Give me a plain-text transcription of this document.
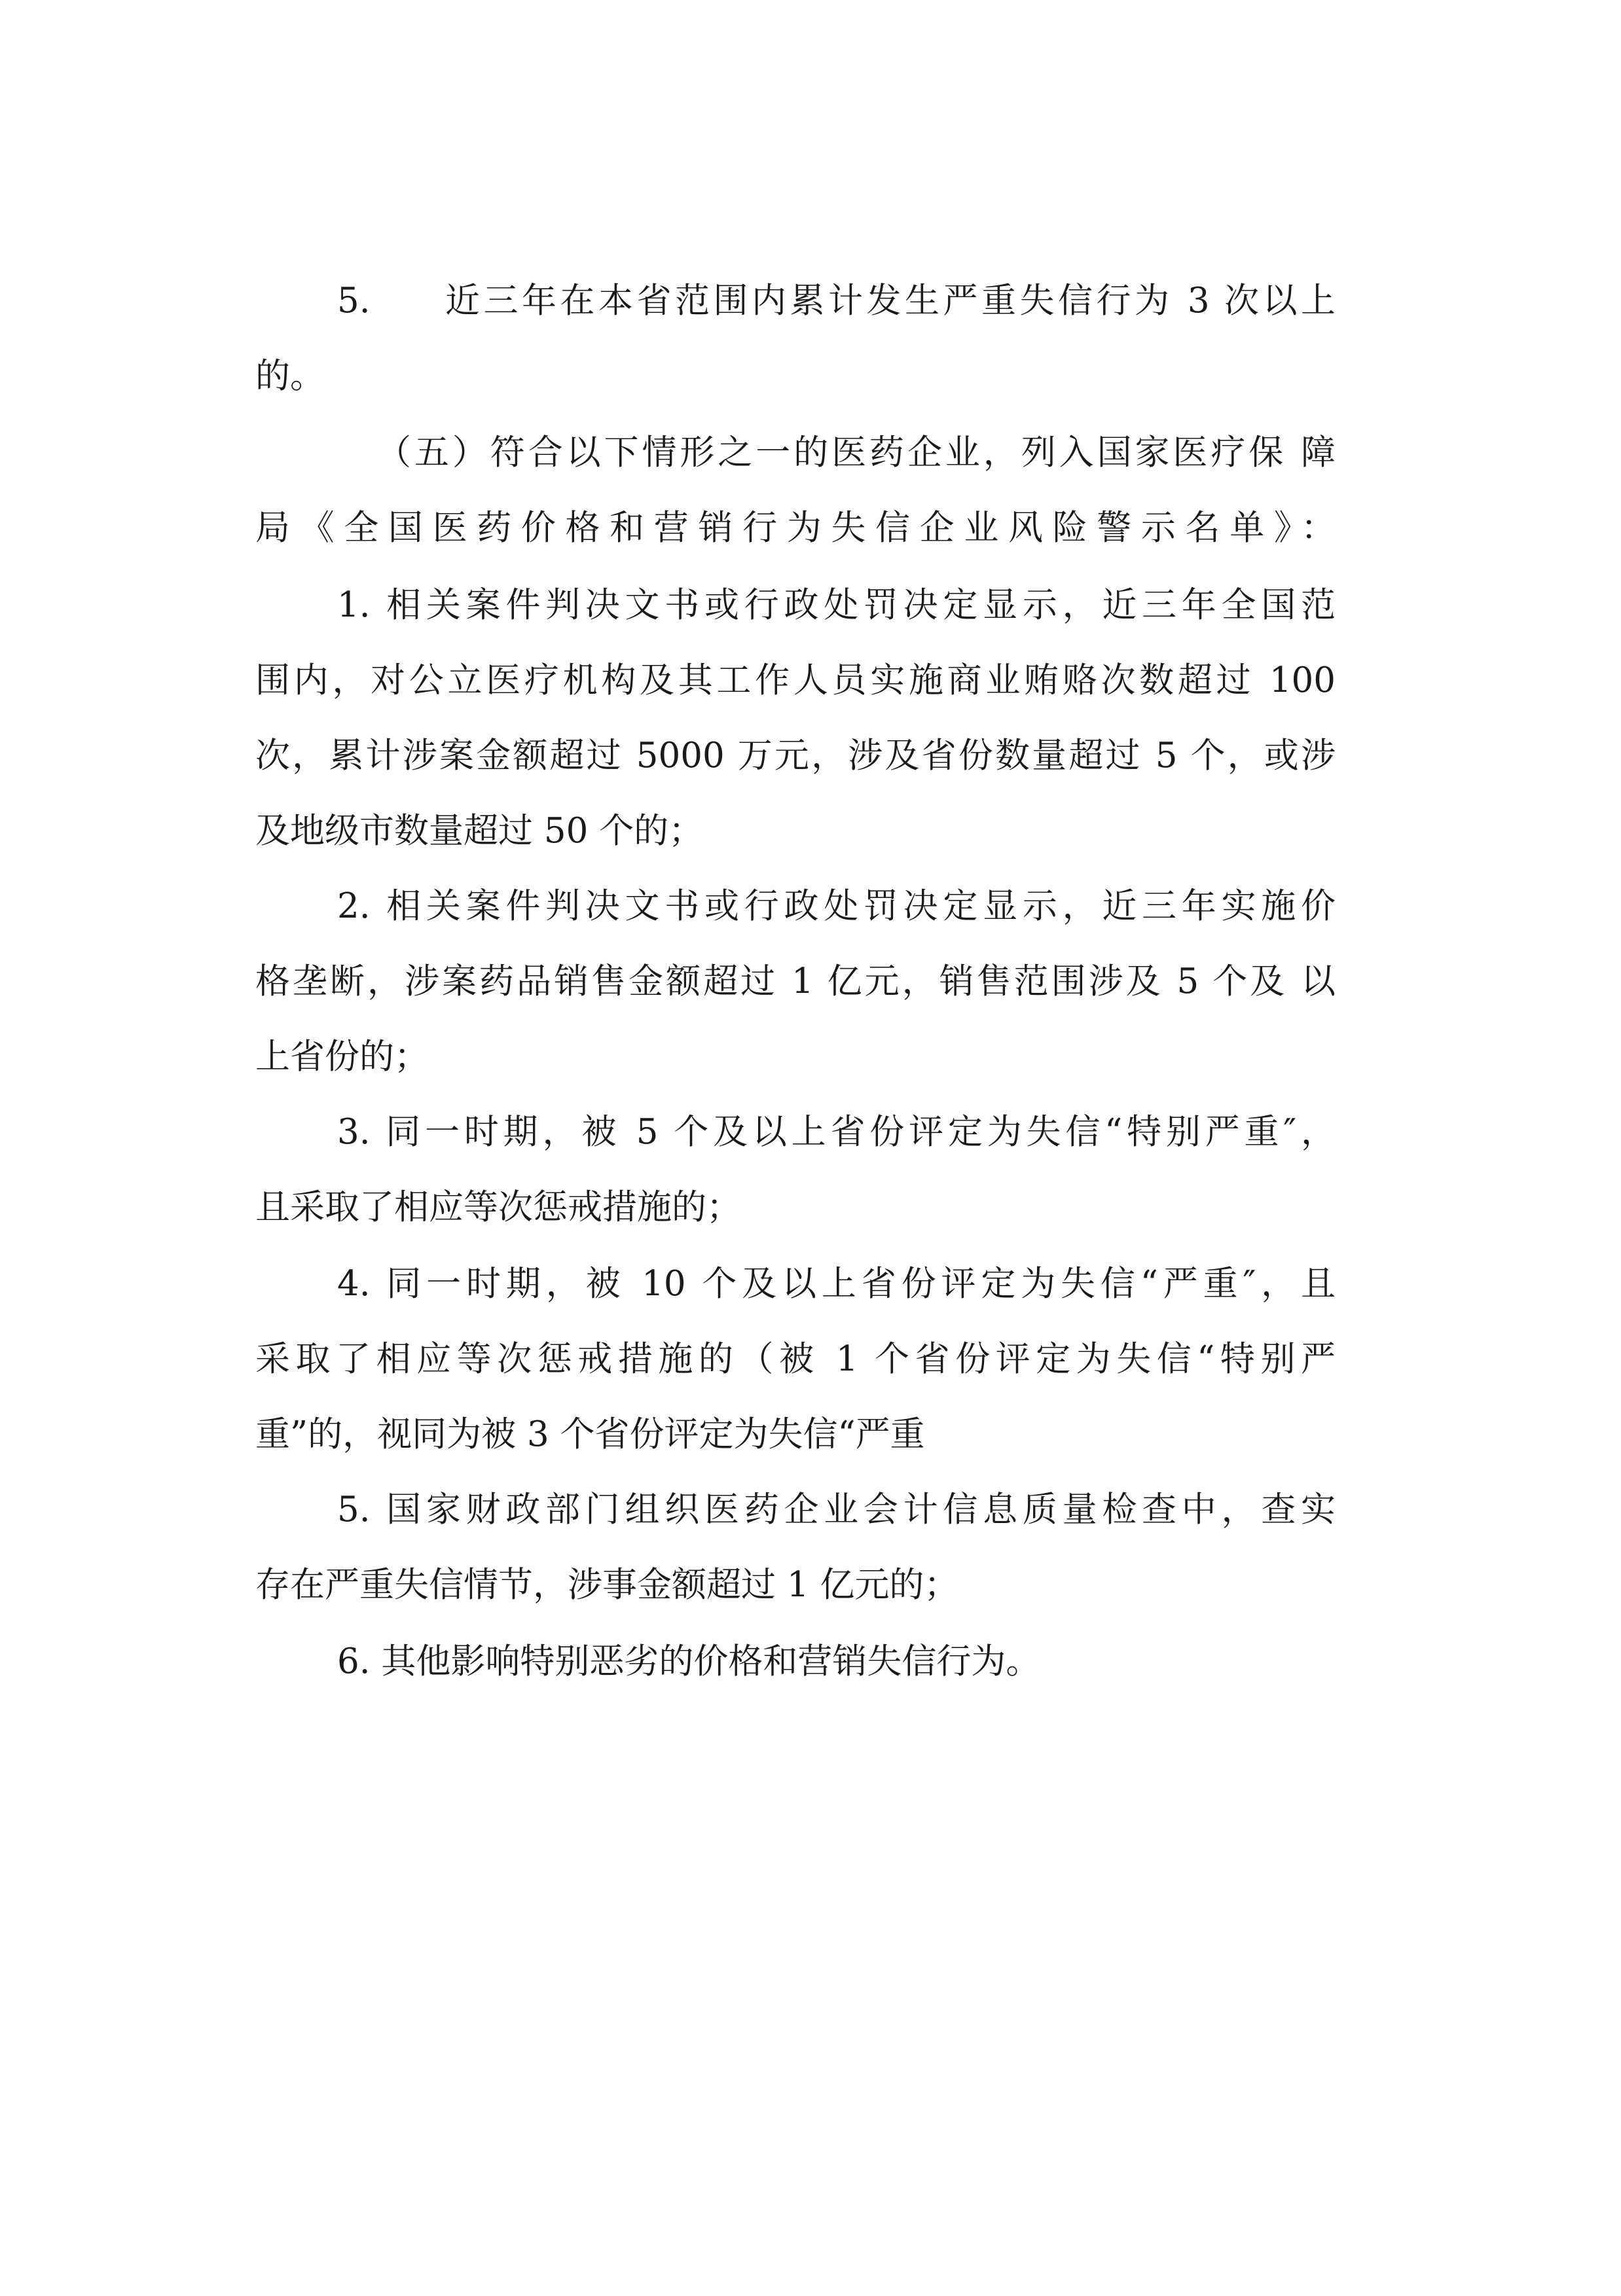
5. 近三年在本省范围内累计发生严重失信行为 3 次以上
的。
（五）符合以下情形之一的医药企业，列入国家医疗保 障
局《全国医药价格和营销行为失信企业风险警示名单》：
1. 相关案件判决文书或行政处罚决定显示，近三年全国范
围内，对公立医疗机构及其工作人员实施商业贿赂次数超过 100
次，累计涉案金额超过 5000 万元，涉及省份数量超过 5 个，或涉
及地级市数量超过 50 个的；
2. 相关案件判决文书或行政处罚决定显示，近三年实施价
格垄断，涉案药品销售金额超过 1 亿元，销售范围涉及 5 个及 以
上省份的；
3. 同一时期，被 5 个及以上省份评定为失信“特别严重″，
且采取了相应等次惩戒措施的；
4. 同一时期，被 10 个及以上省份评定为失信“严重″，且
采取了相应等次惩戒措施的（被 1 个省份评定为失信“特别严
重”的，视同为被 3 个省份评定为失信“严重
5. 国家财政部门组织医药企业会计信息质量检查中，查实
存在严重失信情节，涉事金额超过 1 亿元的；
6. 其他影响特别恶劣的价格和营销失信行为。
